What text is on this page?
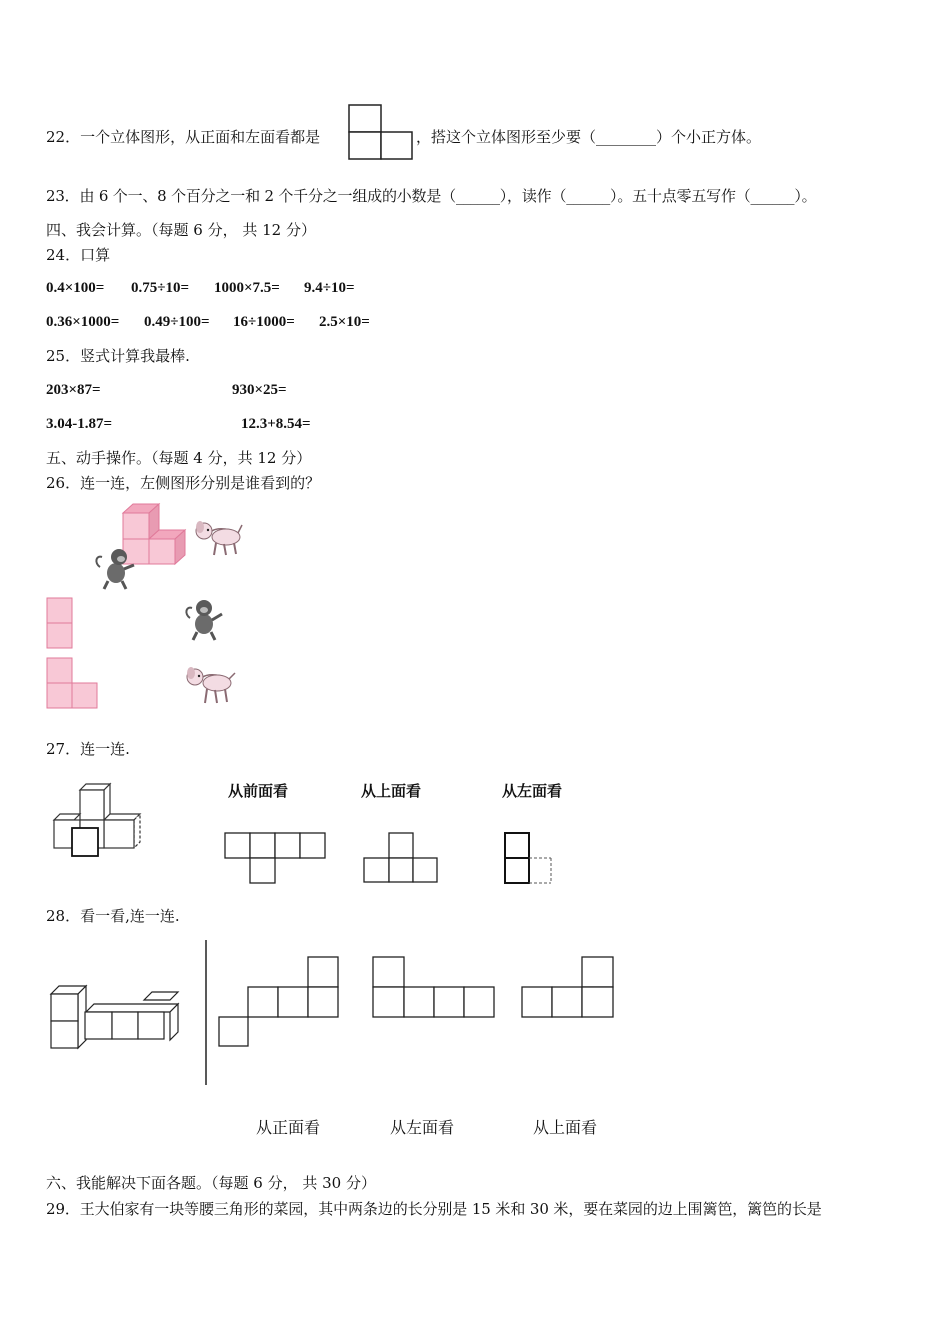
22．一个立体图形，从正面和左面看都是	，搭这个立体图形至少要（________）个小正方体。
23．由 6 个一、8 个百分之一和 2 个千分之一组成的小数是（______），读作（______）。五十点零五写作（______）。
四、我会计算。（每题 6 分， 共 12 分）
24．口算
0.4×100= 0.75÷10= 1000×7.5= 9.4÷10=
0.36×1000= 0.49÷100= 16÷1000= 2.5×10=
25．竖式计算我最棒.
203×87=	930×25=
3.04-1.87=	12.3+8.54=
五、动手操作。（每题 4 分，共 12 分）
26．连一连，左侧图形分别是谁看到的？
27．连一连.
从前面看	从上面看	从左面看
28．看一看,连一连.
从正面看	从左面看	从上面看
六、我能解决下面各题。（每题 6 分， 共 30 分）
29．王大伯家有一块等腰三角形的菜园，其中两条边的长分别是 15 米和 30 米，要在菜园的边上围篱笆，篱笆的长是
